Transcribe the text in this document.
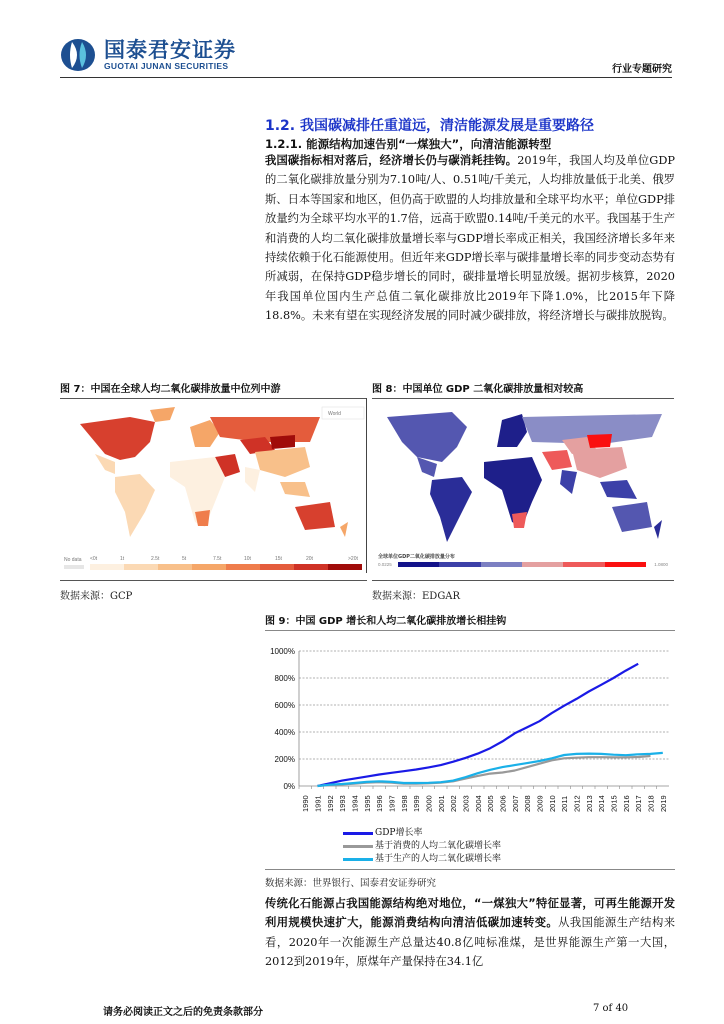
国泰君安证券
GUOTAI JUNAN SECURITIES	行业专题研究
1.2. 我国碳减排任重道远，清洁能源发展是重要路径
1.2.1. 能源结构加速告别“一煤独大”，向清洁能源转型
我国碳指标相对落后，经济增长仍与碳消耗挂钩。2019年，我国人均及单位GDP的二氧化碳排放量分别为7.10吨/人、0.51吨/千美元，人均排放量低于北美、俄罗斯、日本等国家和地区，但仍高于欧盟的人均排放量和全球平均水平；单位GDP排放量约为全球平均水平的1.7倍，远高于欧盟0.14吨/千美元的水平。我国基于生产和消费的人均二氧化碳排放量增长率与GDP增长率成正相关，我国经济增长多年来持续依赖于化石能源使用。但近年来GDP增长率与碳排量增长率的同步变动态势有所减弱，在保持GDP稳步增长的同时，碳排量增长明显放缓。据初步核算，2020年我国单位国内生产总值二氧化碳排放比2019年下降1.0%，比2015年下降18.8%。未来有望在实现经济发展的同时减少碳排放，将经济增长与碳排放脱钩。
图 7：中国在全球人均二氧化碳排放量中位列中游
World
No data <0t	1t	2.5t	5t	7.5t	10t	15t	20t	>20t
数据来源：GCP
图 8：中国单位 GDP 二氧化碳排放量相对较高
全球单位GDP二氧化碳排放量分布
0.0225	1.0800
数据来源：EDGAR
图 9：中国 GDP 增长和人均二氧化碳排放增长相挂钩
0%
200%
400%
600%
800%
1000%
1990 1991 1992 1993 1994 1995 1996 1997 1998 1999 2000 2001 2002 2003 2004 2005 2006 2007 2008 2009 2010 2011 2012 2013 2014 2015 2016 2017 2018 2019
GDP增长率
基于消费的人均二氧化碳增长率
基于生产的人均二氧化碳增长率
数据来源：世界银行、国泰君安证券研究
传统化石能源占我国能源结构绝对地位，“一煤独大”特征显著，可再生能源开发利用规模快速扩大，能源消费结构向清洁低碳加速转变。从我国能源生产结构来看，2020年一次能源生产总量达40.8亿吨标准煤，是世界能源生产第一大国，2012到2019年，原煤年产量保持在34.1亿
请务必阅读正文之后的免责条款部分	7 of 40
